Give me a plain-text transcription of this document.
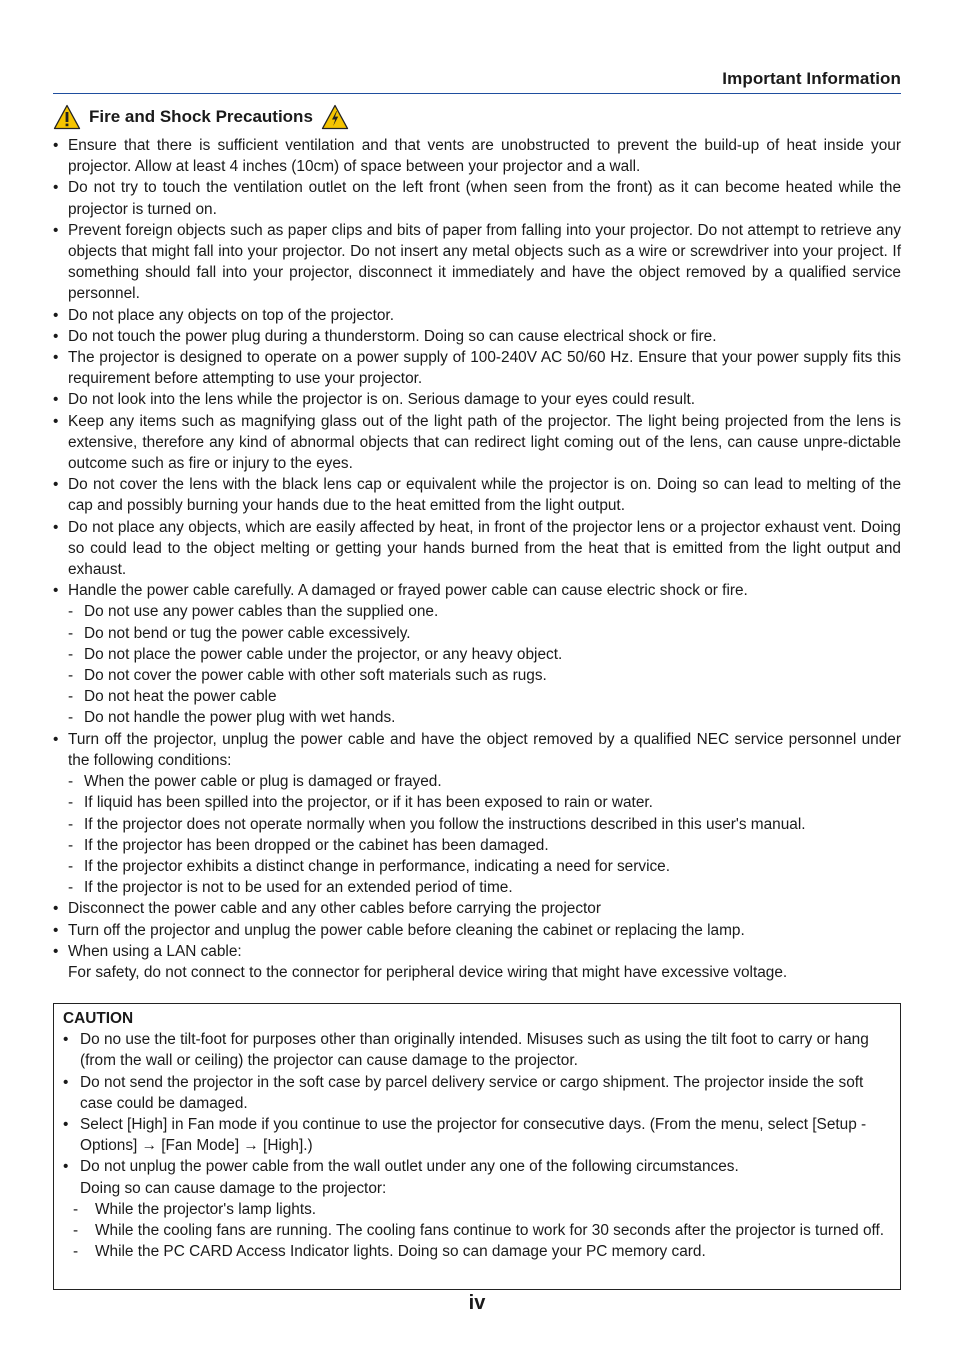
Important Information
Fire and Shock Precautions
• Ensure that there is sufficient ventilation and that vents are unobstructed to prevent the build-up of heat inside your projector. Allow at least 4 inches (10cm) of space between your projector and a wall.
• Do not try to touch the ventilation outlet on the left front (when seen from the front) as it can become heated while the projector is turned on.
• Prevent foreign objects such as paper clips and bits of paper from falling into your projector. Do not attempt to retrieve any objects that might fall into your projector. Do not insert any metal objects such as a wire or screwdriver into your project. If something should fall into your projector, disconnect it immediately and have the object removed by a qualified service personnel.
• Do not place any objects on top of the projector.
• Do not touch the power plug during a thunderstorm. Doing so can cause electrical shock or fire.
• The projector is designed to operate on a power supply of 100-240V AC 50/60 Hz. Ensure that your power supply fits this requirement before attempting to use your projector.
• Do not look into the lens while the projector is on. Serious damage to your eyes could result.
• Keep any items such as magnifying glass out of the light path of the projector. The light being projected from the lens is extensive, therefore any kind of abnormal objects that can redirect light coming out of the lens, can cause unpre-dictable outcome such as fire or injury to the eyes.
• Do not cover the lens with the black lens cap or equivalent while the projector is on. Doing so can lead to melting of the cap and possibly burning your hands due to the heat emitted from the light output.
• Do not place any objects, which are easily affected by heat, in front of the projector lens or a projector exhaust vent. Doing so could lead to the object melting or getting your hands burned from the heat that is emitted from the light output and exhaust.
• Handle the power cable carefully. A damaged or frayed power cable can cause electric shock or fire.
- Do not use any power cables than the supplied one.
- Do not bend or tug the power cable excessively.
- Do not place the power cable under the projector, or any heavy object.
- Do not cover the power cable with other soft materials such as rugs.
- Do not heat the power cable
- Do not handle the power plug with wet hands.
• Turn off the projector, unplug the power cable and have the object removed by a qualified NEC service personnel under the following conditions:
- When the power cable or plug is damaged or frayed.
- If liquid has been spilled into the projector, or if it has been exposed to rain or water.
- If the projector does not operate normally when you follow the instructions described in this user's manual.
- If the projector has been dropped or the cabinet has been damaged.
- If the projector exhibits a distinct change in performance, indicating a need for service.
- If the projector is not to be used for an extended period of time.
• Disconnect the power cable and any other cables before carrying the projector
• Turn off the projector and unplug the power cable before cleaning the cabinet or replacing the lamp.
• When using a LAN cable:
For safety, do not connect to the connector for peripheral device wiring that might have excessive voltage.
CAUTION
• Do no use the tilt-foot for purposes other than originally intended. Misuses such as using the tilt foot to carry or hang (from the wall or ceiling) the projector can cause damage to the projector.
• Do not send the projector in the soft case by parcel delivery service or cargo shipment. The projector inside the soft case could be damaged.
• Select [High] in Fan mode if you continue to use the projector for consecutive days. (From the menu, select [Setup - Options] → [Fan Mode] → [High].)
• Do not unplug the power cable from the wall outlet under any one of the following circumstances.
Doing so can cause damage to the projector:
-	While the projector's lamp lights.
-	While the cooling fans are running. The cooling fans continue to work for 30 seconds after the projector is turned off.
-	While the PC CARD Access Indicator lights. Doing so can damage your PC memory card.
iv
